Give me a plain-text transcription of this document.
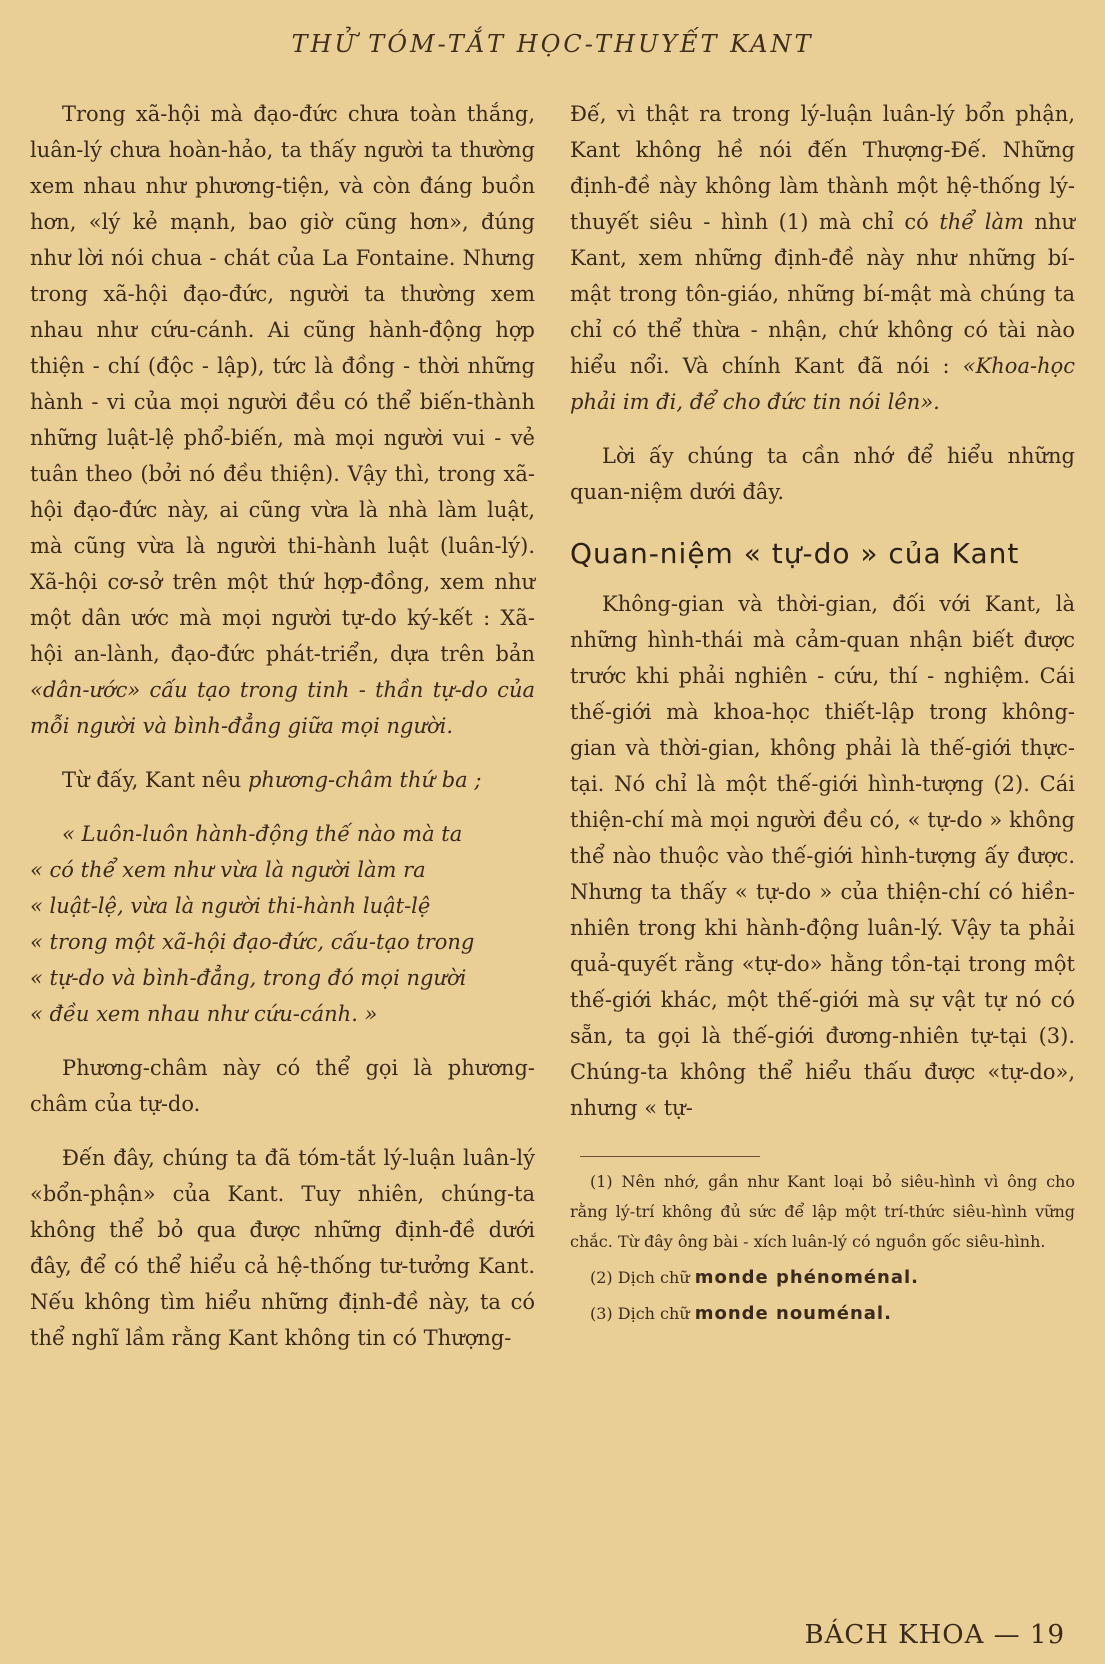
THỬ TÓM-TẮT HỌC-THUYẾT KANT

Trong xã-hội mà đạo-đức chưa toàn thắng, luân-lý chưa hoàn-hảo, ta thấy người ta thường xem nhau như phương-tiện, và còn đáng buồn hơn, «lý kẻ mạnh, bao giờ cũng hơn», đúng như lời nói chua - chát của La Fontaine. Nhưng trong xã-hội đạo-đức, người ta thường xem nhau như cứu-cánh. Ai cũng hành-động hợp thiện - chí (độc - lập), tức là đồng - thời những hành - vi của mọi người đều có thể biến-thành những luật-lệ phổ-biến, mà mọi người vui - vẻ tuân theo (bởi nó đều thiện). Vậy thì, trong xã-hội đạo-đức này, ai cũng vừa là nhà làm luật, mà cũng vừa là người thi-hành luật (luân-lý). Xã-hội cơ-sở trên một thứ hợp-đồng, xem như một dân ước mà mọi người tự-do ký-kết : Xã-hội an-lành, đạo-đức phát-triển, dựa trên bản «dân-ước» cấu tạo trong tinh - thần tự-do của mỗi người và bình-đẳng giữa mọi người.

Từ đấy, Kant nêu phương-châm thứ ba ;

« Luôn-luôn hành-động thế nào mà ta
« có thể xem như vừa là người làm ra
« luật-lệ, vừa là người thi-hành luật-lệ
« trong một xã-hội đạo-đức, cấu-tạo trong
« tự-do và bình-đẳng, trong đó mọi người
« đều xem nhau như cứu-cánh. »

Phương-châm này có thể gọi là phương-châm của tự-do.

Đến đây, chúng ta đã tóm-tắt lý-luận luân-lý «bổn-phận» của Kant. Tuy nhiên, chúng-ta không thể bỏ qua được những định-đề dưới đây, để có thể hiểu cả hệ-thống tư-tưởng Kant. Nếu không tìm hiểu những định-đề này, ta có thể nghĩ lầm rằng Kant không tin có Thượng-

Đế, vì thật ra trong lý-luận luân-lý bổn phận, Kant không hề nói đến Thượng-Đế. Những định-đề này không làm thành một hệ-thống lý-thuyết siêu - hình (1) mà chỉ có thể làm như Kant, xem những định-đề này như những bí-mật trong tôn-giáo, những bí-mật mà chúng ta chỉ có thể thừa - nhận, chứ không có tài nào hiểu nổi. Và chính Kant đã nói : «Khoa-học phải im đi, để cho đức tin nói lên».

Lời ấy chúng ta cần nhớ để hiểu những quan-niệm dưới đây.

Quan-niệm « tự-do » của Kant

Không-gian và thời-gian, đối với Kant, là những hình-thái mà cảm-quan nhận biết được trước khi phải nghiên - cứu, thí - nghiệm. Cái thế-giới mà khoa-học thiết-lập trong không-gian và thời-gian, không phải là thế-giới thực-tại. Nó chỉ là một thế-giới hình-tượng (2). Cái thiện-chí mà mọi người đều có, « tự-do » không thể nào thuộc vào thế-giới hình-tượng ấy được. Nhưng ta thấy « tự-do » của thiện-chí có hiền-nhiên trong khi hành-động luân-lý. Vậy ta phải quả-quyết rằng «tự-do» hằng tồn-tại trong một thế-giới khác, một thế-giới mà sự vật tự nó có sẵn, ta gọi là thế-giới đương-nhiên tự-tại (3). Chúng-ta không thể hiểu thấu được «tự-do», nhưng « tự-

(1) Nên nhớ, gần như Kant loại bỏ siêu-hình vì ông cho rằng lý-trí không đủ sức để lập một trí-thức siêu-hình vững chắc. Từ đây ông bài - xích luân-lý có nguồn gốc siêu-hình.
(2) Dịch chữ monde phénoménal.
(3) Dịch chữ monde nouménal.
BÁCH KHOA — 19
